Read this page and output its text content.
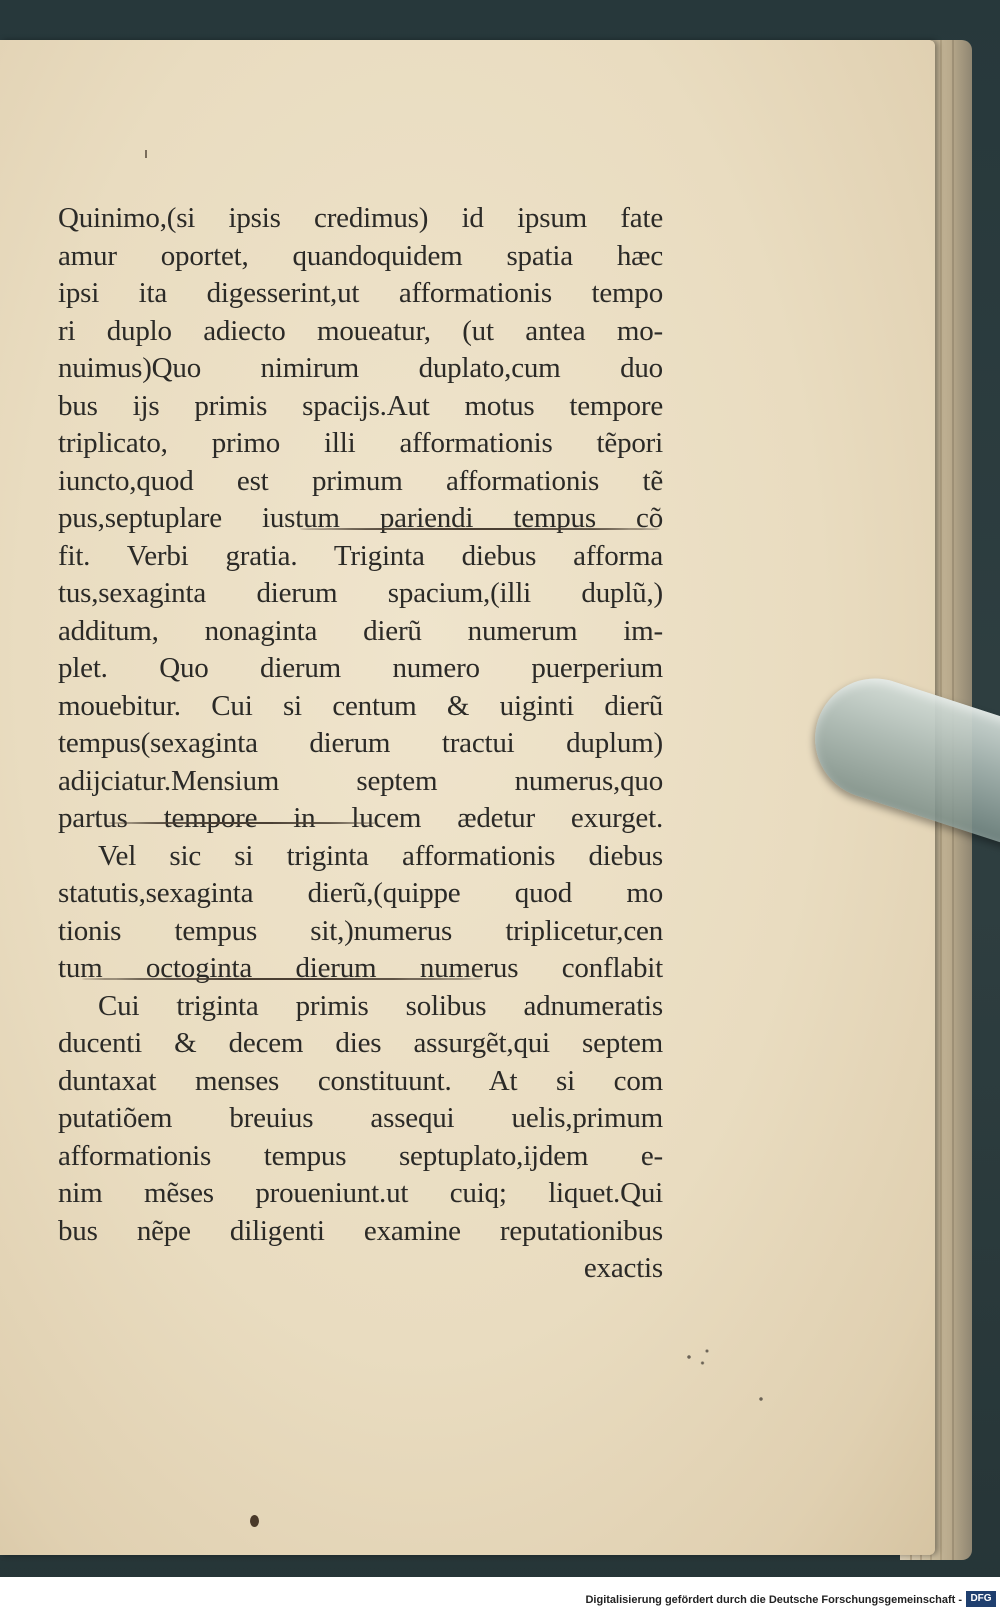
Quinimo,(si ipsis credimus) id ipsum fate
amur oportet, quandoquidem spatia hæc
ipsi ita digesserint,ut afformationis tempo
ri duplo adiecto moueatur, (ut antea mo-
nuimus)Quo nimirum duplato,cum duo
bus ijs primis spacijs.Aut motus tempore
triplicato, primo illi afformationis tẽpori
iuncto,quod est primum afformationis tẽ
pus,septuplare iustum pariendi tempus cõ
fit. Verbi gratia. Triginta diebus afforma
tus,sexaginta dierum spacium,(illi duplũ,)
additum, nonaginta dierũ numerum im-
plet. Quo dierum numero puerperium
mouebitur. Cui si centum & uiginti dierũ
tempus(sexaginta dierum tractui duplum)
adijciatur.Mensium septem numerus,quo
partus tempore in lucem ædetur exurget.
Vel sic si triginta afformationis diebus
statutis,sexaginta dierũ,(quippe quod mo
tionis tempus sit,)numerus triplicetur,cen
tum octoginta dierum numerus conflabit
Cui triginta primis solibus adnumeratis
ducenti & decem dies assurgẽt,qui septem
duntaxat menses constituunt. At si com
putatiõem breuius assequi uelis,primum
afformationis tempus septuplato,ijdem e-
nim mẽses proueniunt.ut cuiq; liquet.Qui
bus nẽpe diligenti examine reputationibus
exactis
Digitalisierung gefördert durch die Deutsche Forschungsgemeinschaft - DFG
